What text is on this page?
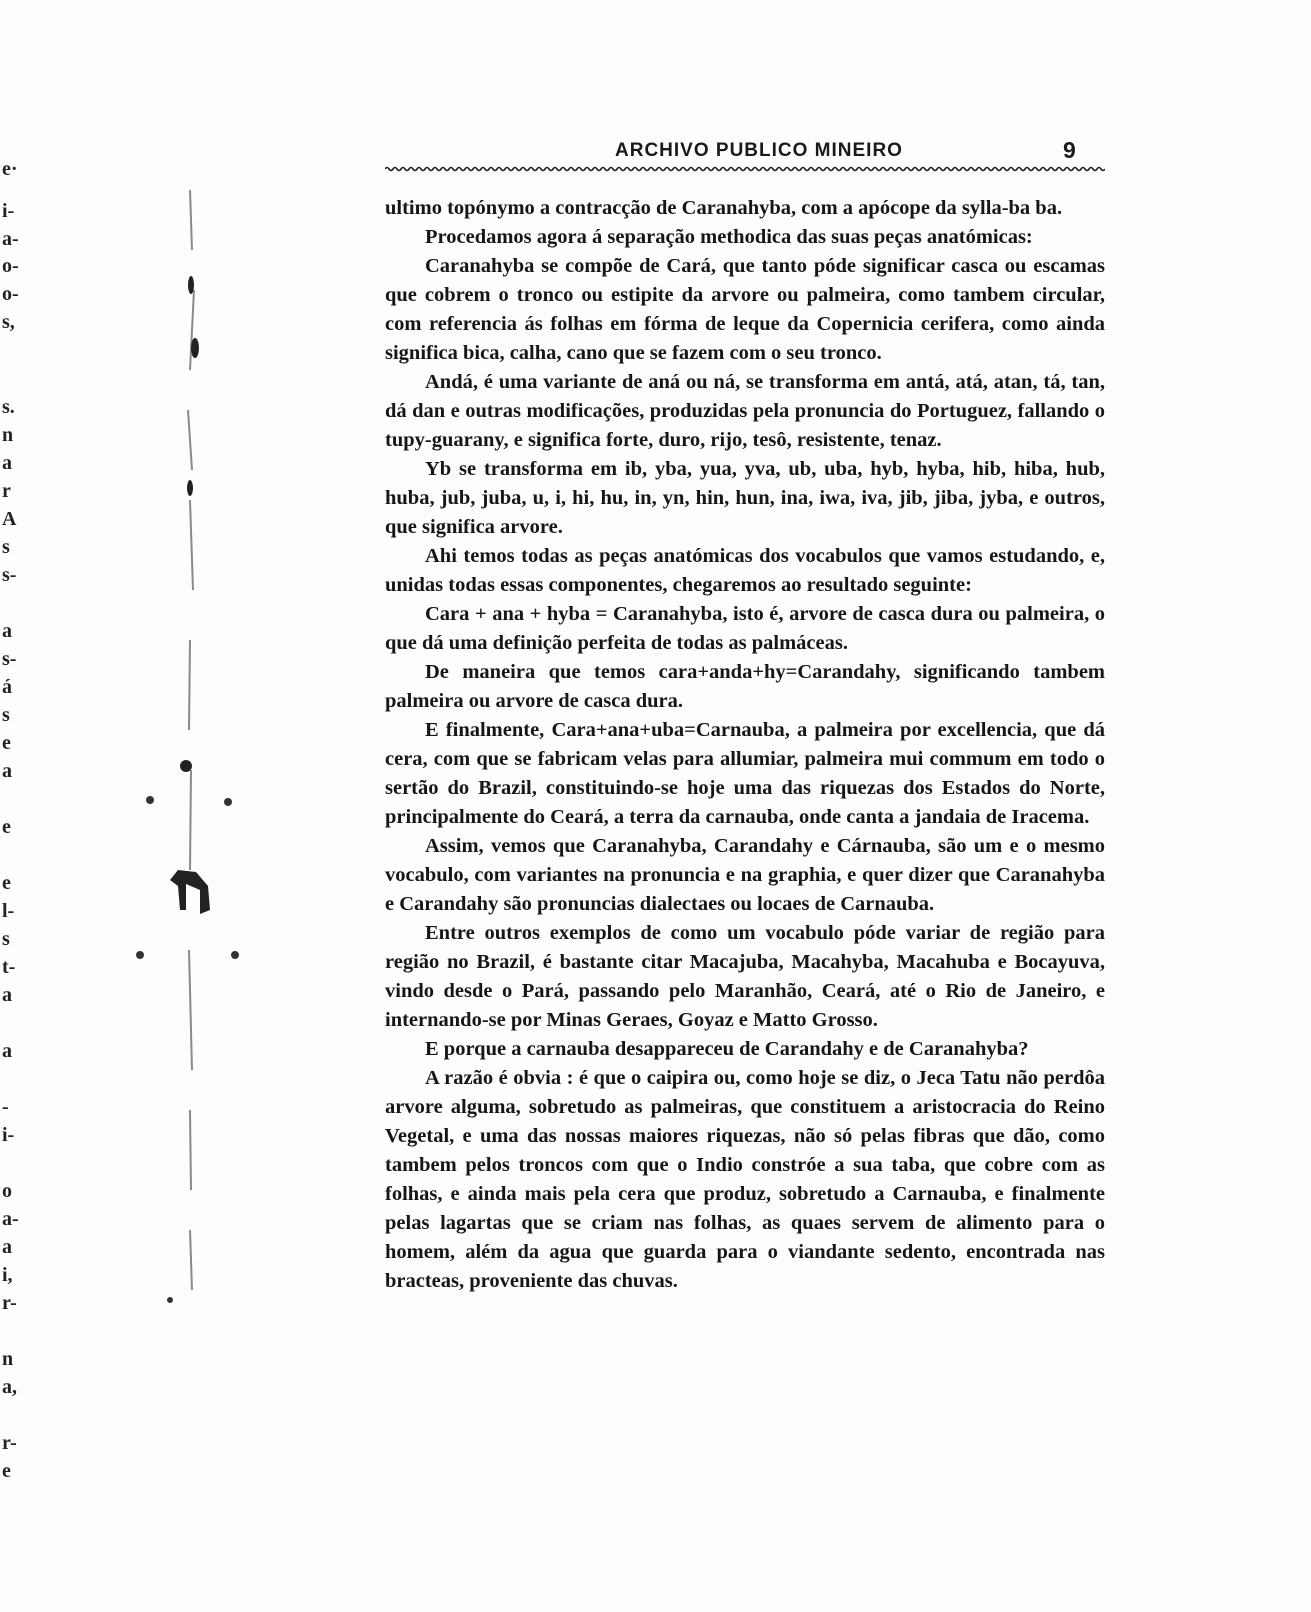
e·
i-
a-
o-
o-
s,
s.
n
a
r
A
s
s-
a
s-
á
s
e
a
e
e
l-
s
t-
a
a
-
i-
o
a-
a
i,
r-
n
a,
r-
e
ARCHIVO PUBLICO MINEIRO	9

ultimo topónymo a contracção de Caranahyba, com a apócope da sylla-ba ba.

Procedamos agora á separação methodica das suas peças anatómicas:

Caranahyba se compõe de Cará, que tanto póde significar casca ou escamas que cobrem o tronco ou estipite da arvore ou palmeira, como tambem circular, com referencia ás folhas em fórma de leque da Copernicia cerifera, como ainda significa bica, calha, cano que se fazem com o seu tronco.

Andá, é uma variante de aná ou ná, se transforma em antá, atá, atan, tá, tan, dá dan e outras modificações, produzidas pela pronuncia do Portuguez, fallando o tupy-guarany, e significa forte, duro, rijo, tesô, resistente, tenaz.

Yb se transforma em ib, yba, yua, yva, ub, uba, hyb, hyba, hib, hiba, hub, huba, jub, juba, u, i, hi, hu, in, yn, hin, hun, ina, iwa, iva, jib, jiba, jyba, e outros, que significa arvore.

Ahi temos todas as peças anatómicas dos vocabulos que vamos estudando, e, unidas todas essas componentes, chegaremos ao resultado seguinte:

Cara + ana + hyba = Caranahyba, isto é, arvore de casca dura ou palmeira, o que dá uma definição perfeita de todas as palmáceas.

De maneira que temos cara+anda+hy=Carandahy, significando tambem palmeira ou arvore de casca dura.

E finalmente, Cara+ana+uba=Carnauba, a palmeira por excellencia, que dá cera, com que se fabricam velas para allumiar, palmeira mui commum em todo o sertão do Brazil, constituindo-se hoje uma das riquezas dos Estados do Norte, principalmente do Ceará, a terra da carnauba, onde canta a jandaia de Iracema.

Assim, vemos que Caranahyba, Carandahy e Cárnauba, são um e o mesmo vocabulo, com variantes na pronuncia e na graphia, e quer dizer que Caranahyba e Carandahy são pronuncias dialectaes ou locaes de Carnauba.

Entre outros exemplos de como um vocabulo póde variar de região para região no Brazil, é bastante citar Macajuba, Macahyba, Macahuba e Bocayuva, vindo desde o Pará, passando pelo Maranhão, Ceará, até o Rio de Janeiro, e internando-se por Minas Geraes, Goyaz e Matto Grosso.

E porque a carnauba desappareceu de Carandahy e de Caranahyba?

A razão é obvia : é que o caipira ou, como hoje se diz, o Jeca Tatu não perdôa arvore alguma, sobretudo as palmeiras, que constituem a aristocracia do Reino Vegetal, e uma das nossas maiores riquezas, não só pelas fibras que dão, como tambem pelos troncos com que o Indio constróe a sua taba, que cobre com as folhas, e ainda mais pela cera que produz, sobretudo a Carnauba, e finalmente pelas lagartas que se criam nas folhas, as quaes servem de alimento para o homem, além da agua que guarda para o viandante sedento, encontrada nas bracteas, proveniente das chuvas.
